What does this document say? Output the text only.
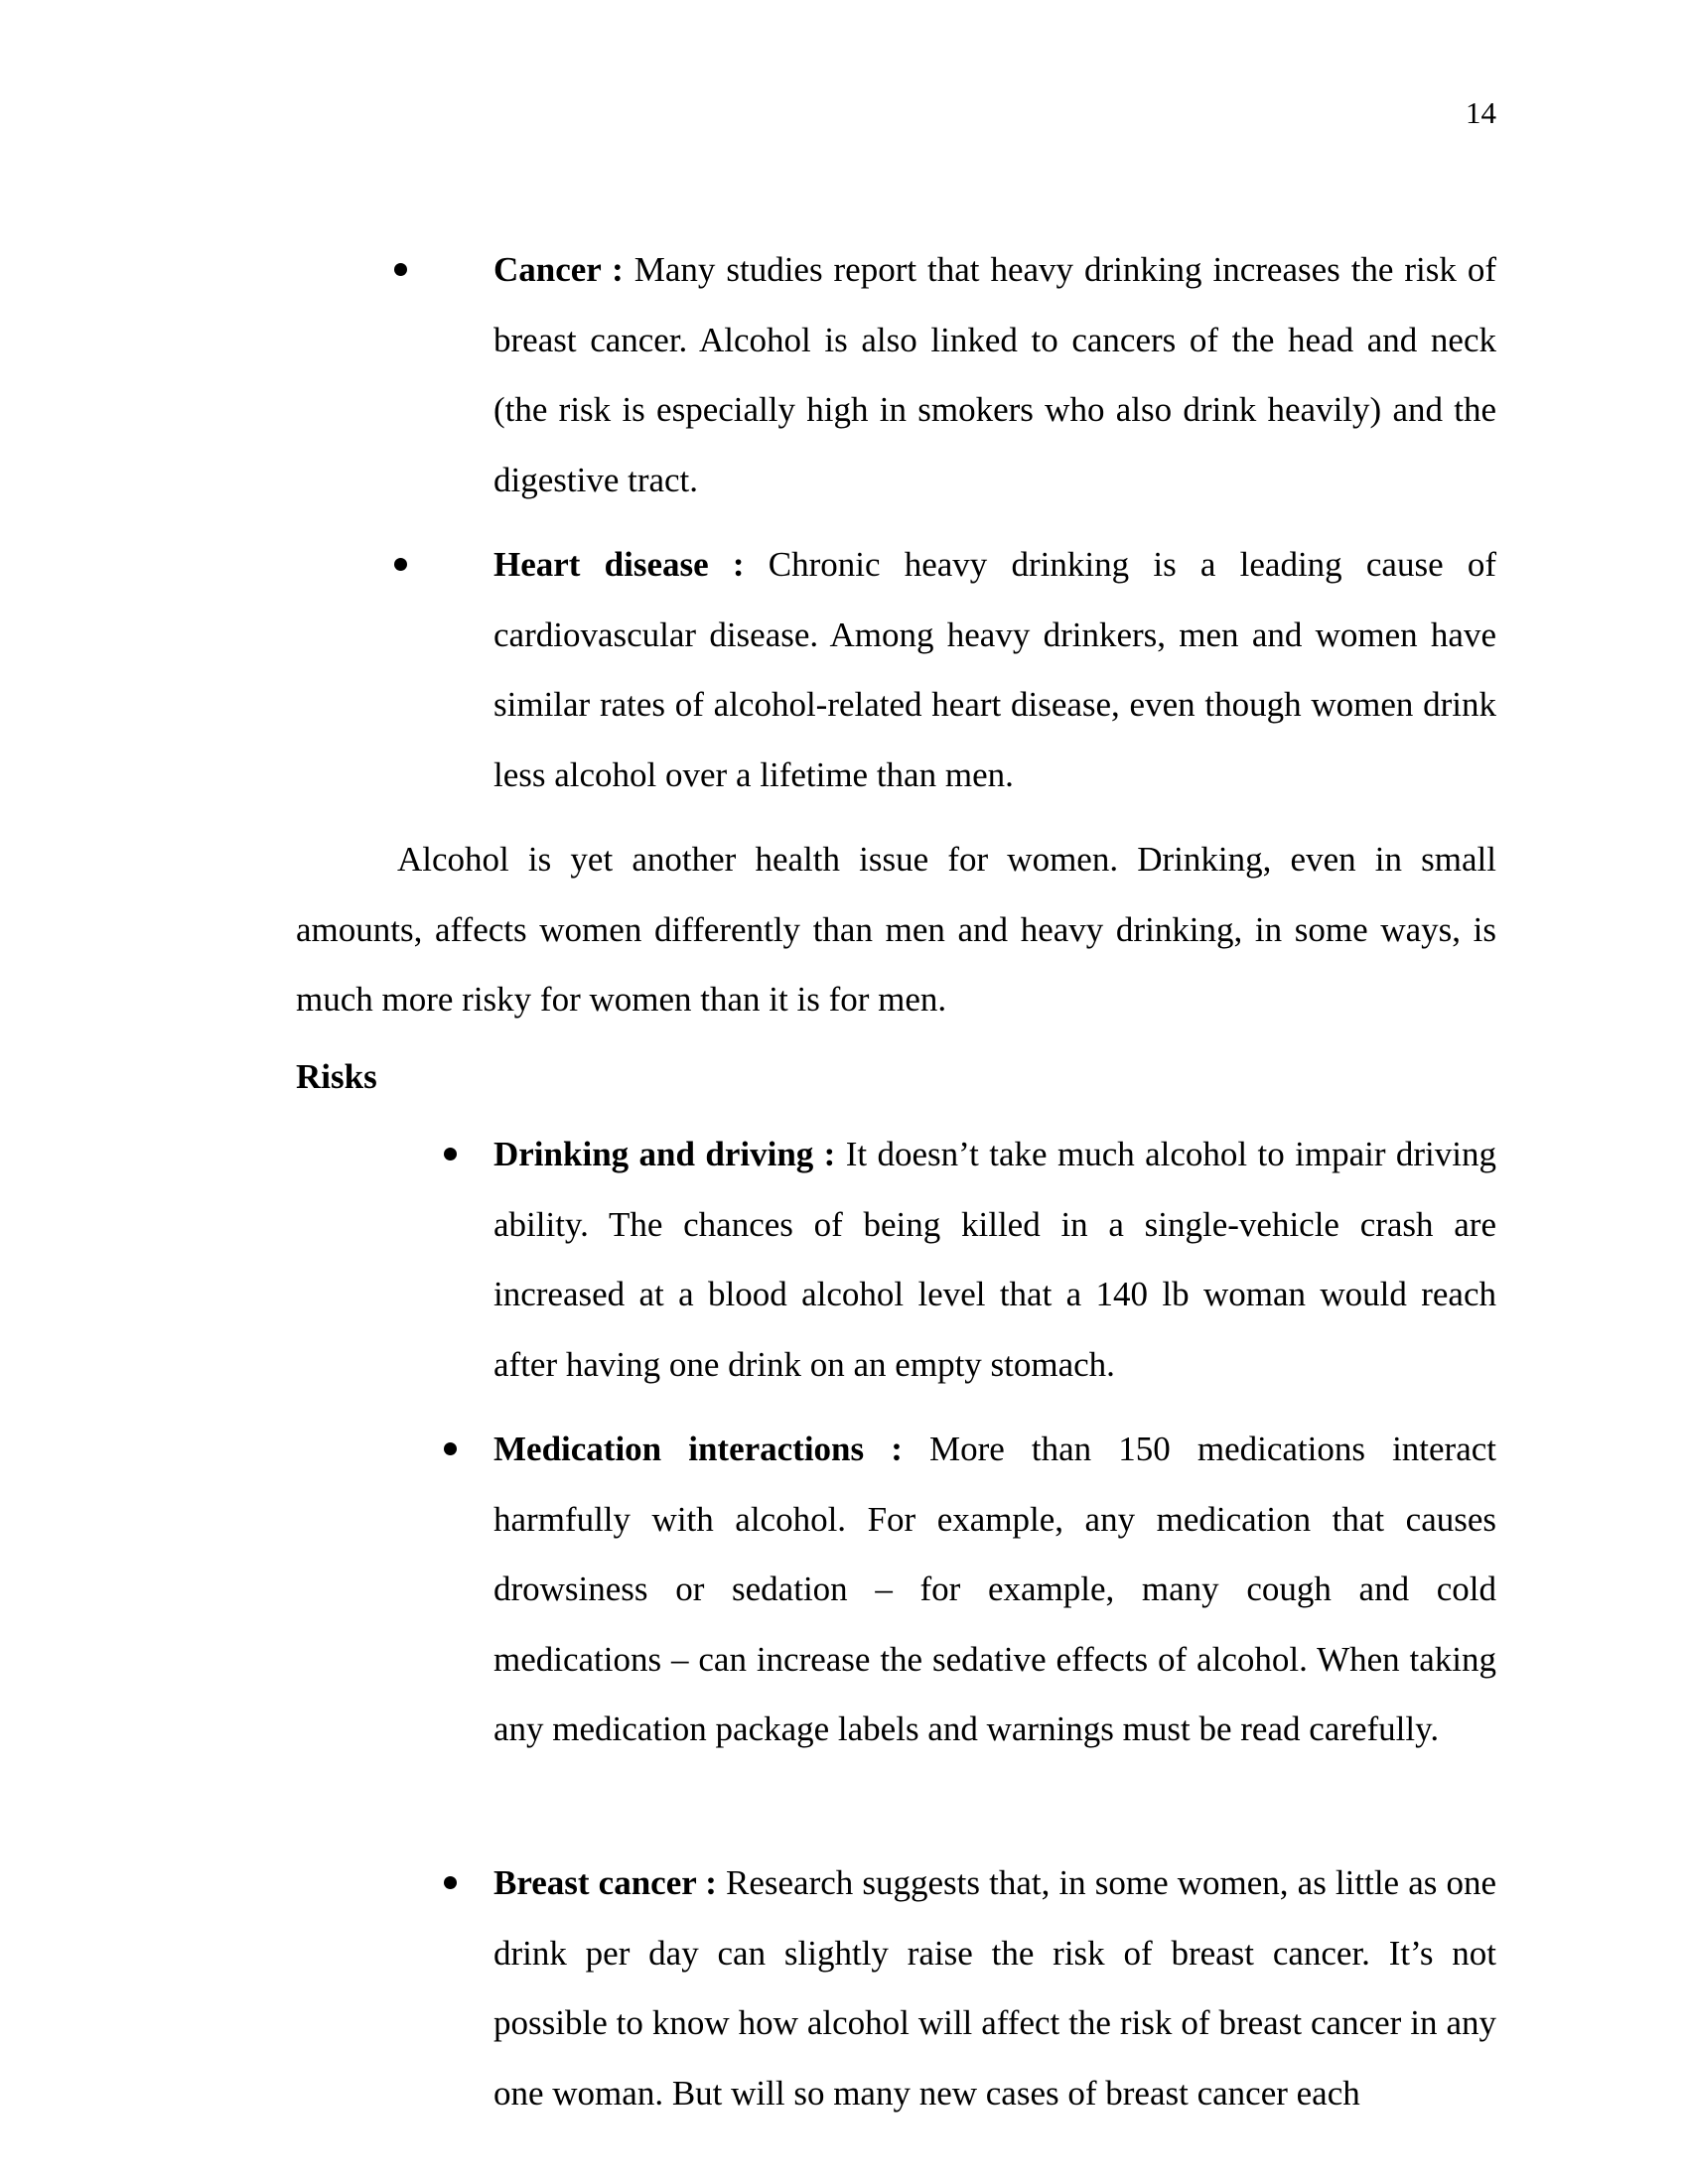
14

Cancer : Many studies report that heavy drinking increases the risk of breast cancer. Alcohol is also linked to cancers of the head and neck (the risk is especially high in smokers who also drink heavily) and the digestive tract.

Heart disease : Chronic heavy drinking is a leading cause of cardiovascular disease. Among heavy drinkers, men and women have similar rates of alcohol-related heart disease, even though women drink less alcohol over a lifetime than men.

Alcohol is yet another health issue for women. Drinking, even in small amounts, affects women differently than men and heavy drinking, in some ways, is much more risky for women than it is for men.

Risks

Drinking and driving : It doesn’t take much alcohol to impair driving ability. The chances of being killed in a single-vehicle crash are increased at a blood alcohol level that a 140 lb woman would reach after having one drink on an empty stomach.

Medication interactions : More than 150 medications interact harmfully with alcohol. For example, any medication that causes drowsiness or sedation – for example, many cough and cold medications – can increase the sedative effects of alcohol. When taking any medication package labels and warnings must be read carefully.

Breast cancer : Research suggests that, in some women, as little as one drink per day can slightly raise the risk of breast cancer. It’s not possible to know how alcohol will affect the risk of breast cancer in any one woman. But will so many new cases of breast cancer each
